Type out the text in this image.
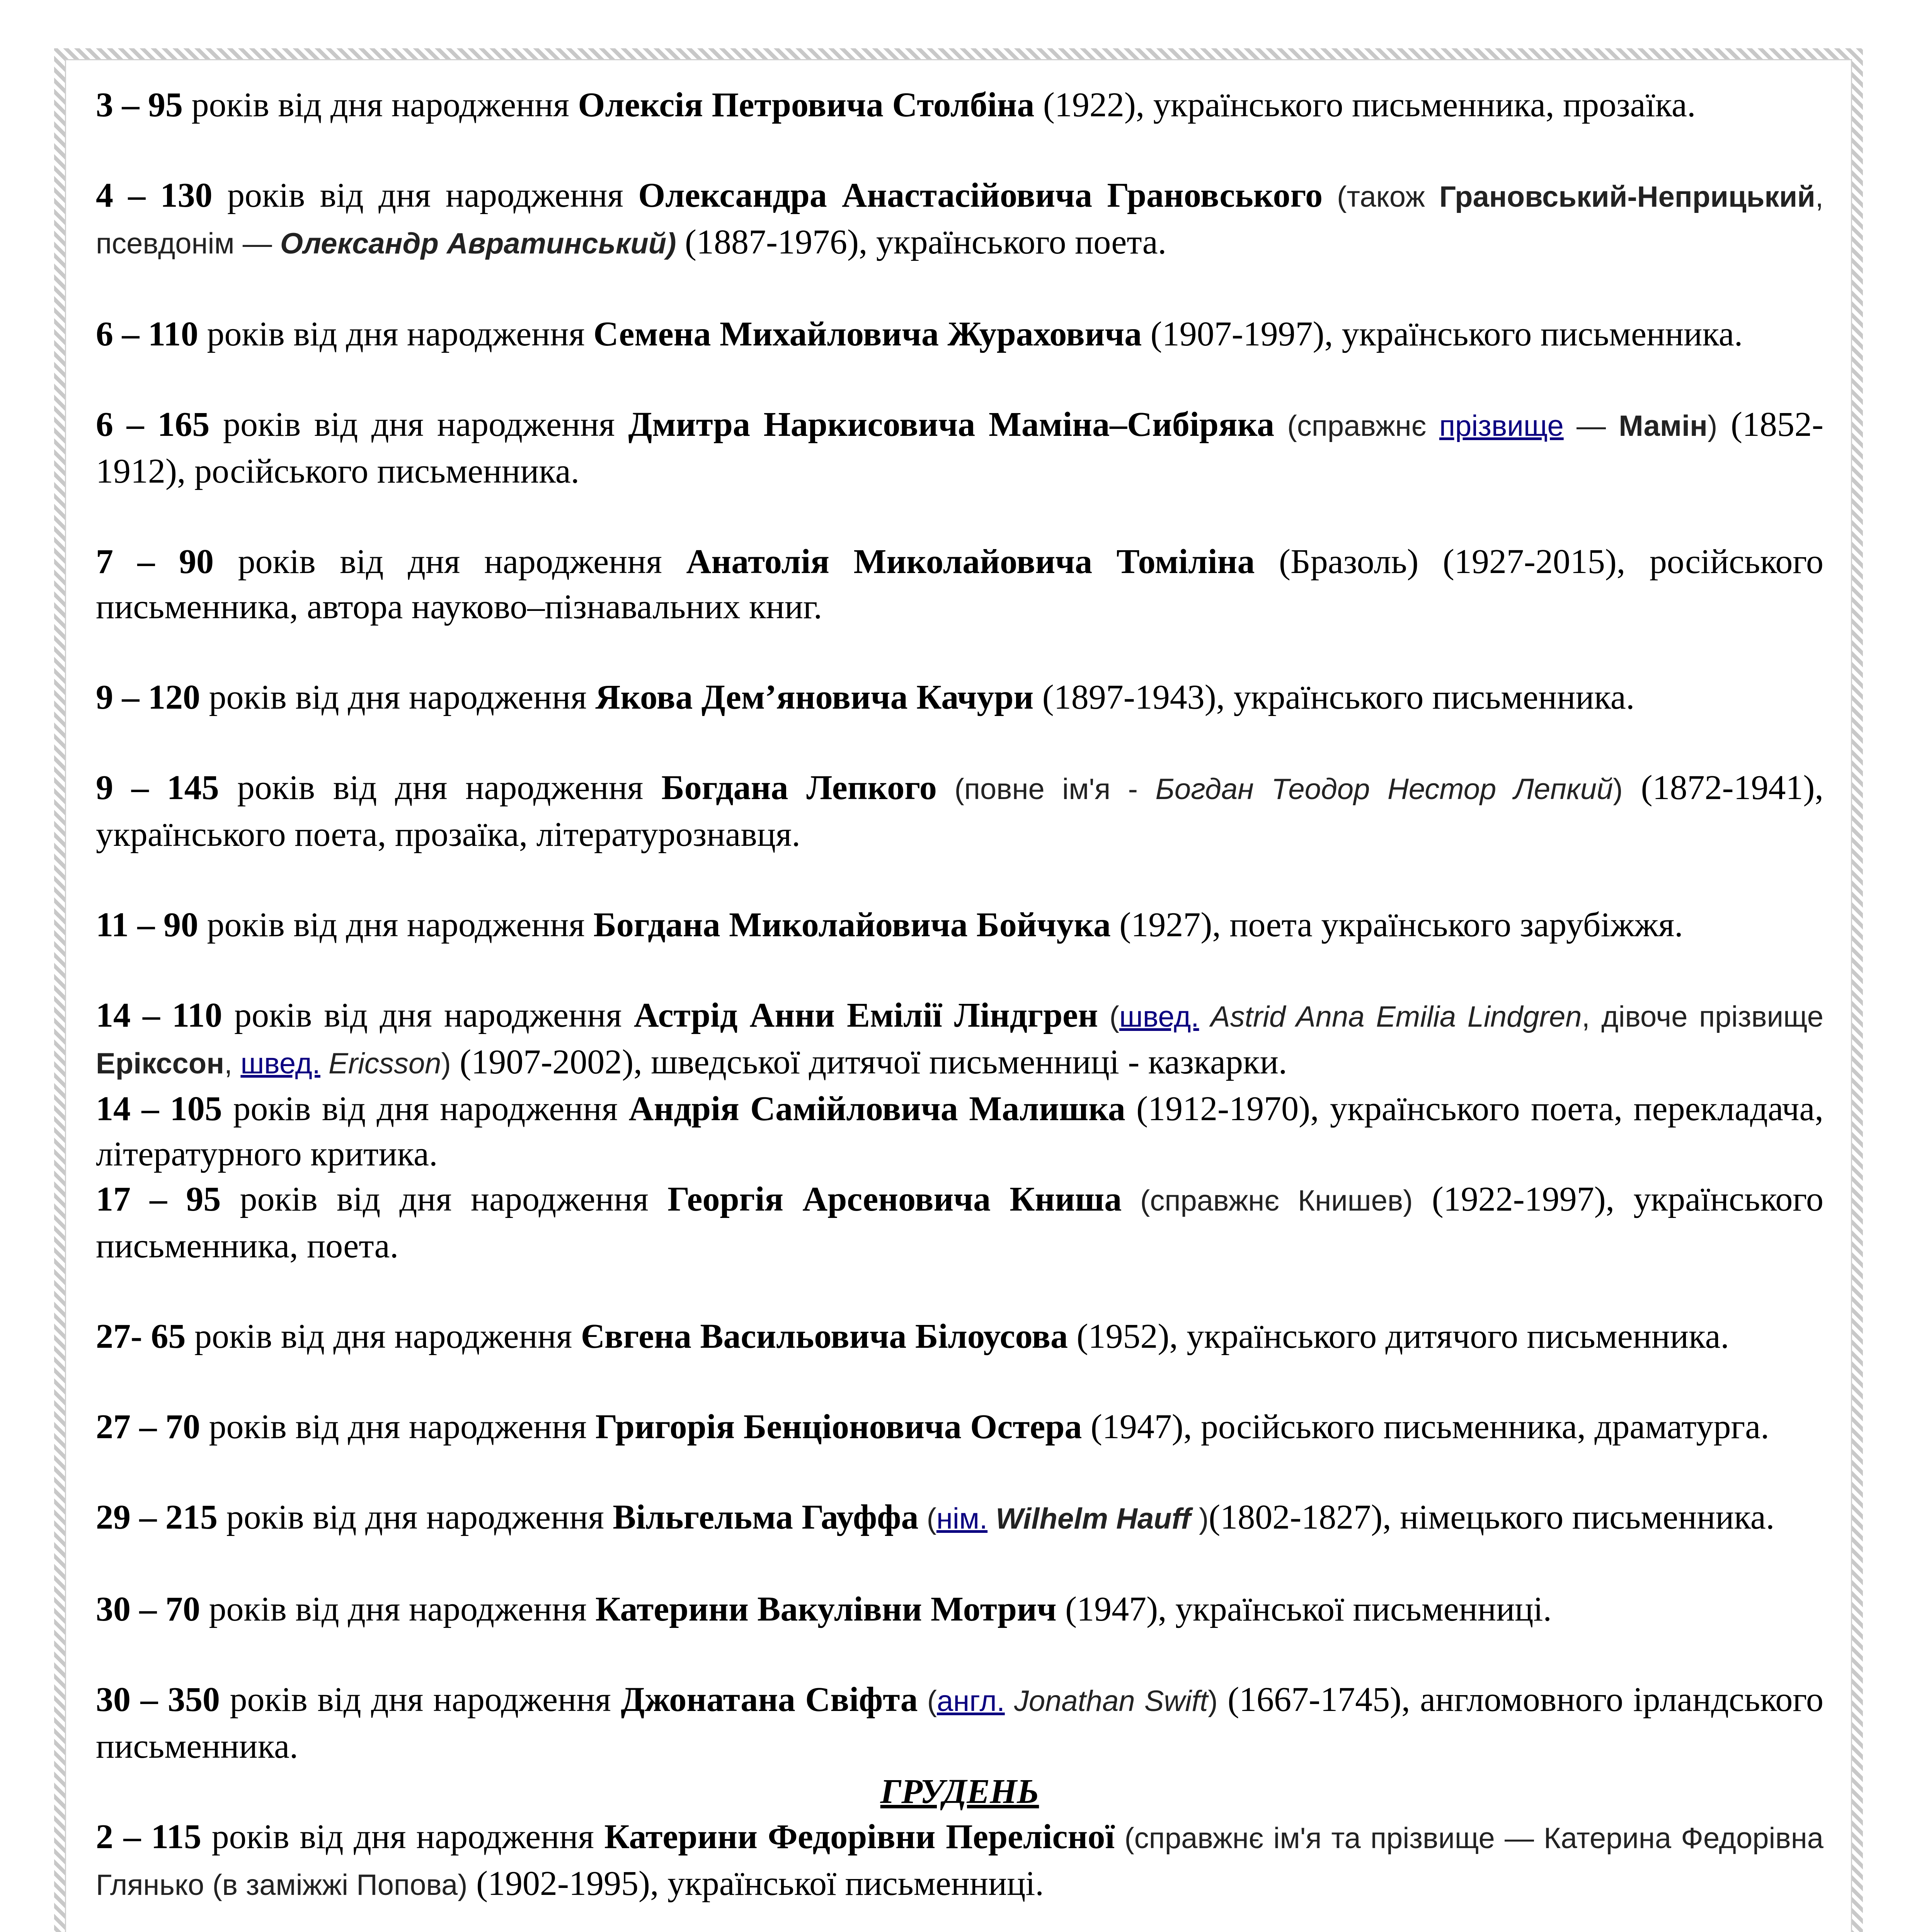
3 – 95 років від дня народження Олексія Петровича Столбіна (1922), українського письменника, прозаїка.

4 – 130 років від дня народження Олександра Анастасійовича Грановського (також Грановський-Неприцький, псевдонім — Олександр Авратинський) (1887-1976), українського поета.

6 – 110 років від дня народження Семена Михайловича Жураховича (1907-1997), українського письменника.

6 – 165 років від дня народження Дмитра Наркисовича Маміна–Сибіряка (справжнє прізвище — Мамін) (1852-1912), російського письменника.

7 – 90 років від дня народження Анатолія Миколайовича Томіліна (Бразоль) (1927-2015), російського письменника, автора науково–пізнавальних книг.

9 – 120 років від дня народження Якова Дем’яновича Качури (1897-1943), українського письменника.

9 – 145 років від дня народження Богдана Лепкого (повне ім'я - Богдан Теодор Нестор Лепкий) (1872-1941), українського поета, прозаїка, літературознавця.

11 – 90 років від дня народження Богдана Миколайовича Бойчука (1927), поета українського зарубіжжя.

14 – 110 років від дня народження Астрід Анни Емілії Ліндгрен (швед. Astrid Anna Emilia Lindgren, дівоче прізвище Ерікссон, швед. Ericsson) (1907-2002), шведської дитячої письменниці - казкарки.

14 – 105 років від дня народження Андрія Самійловича Малишка (1912-1970), українського поета, перекладача, літературного критика.

17 – 95 років від дня народження Георгія Арсеновича Книша (справжнє Книшев) (1922-1997), українського письменника, поета.

27- 65 років від дня народження Євгена Васильовича Білоусова (1952), українського дитячого письменника.

27 – 70 років від дня народження Григорія Бенціоновича Остера (1947), російського письменника, драматурга.

29 – 215 років від дня народження Вільгельма Гауффа (нім. Wilhelm Hauff )(1802-1827), німецького письменника.

30 – 70 років від дня народження Катерини Вакулівни Мотрич (1947), української письменниці.

30 – 350 років від дня народження Джонатана Свіфта (англ. Jonathan Swift) (1667-1745), англомовного ірландського письменника.

ГРУДЕНЬ

2 – 115 років від дня народження Катерини Федорівни Перелісної (справжнє ім'я та прізвище — Катерина Федорівна Глянько (в заміжжі Попова) (1902-1995), української письменниці.
